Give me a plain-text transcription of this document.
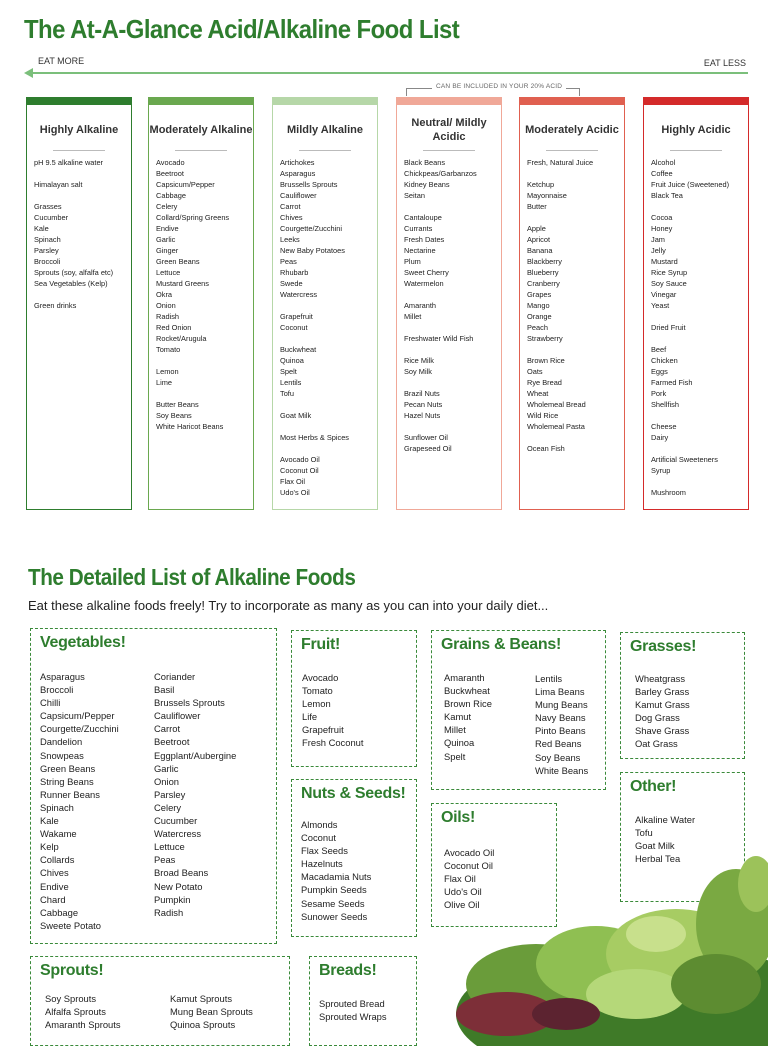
The At-A-Glance Acid/Alkaline Food List
EAT MORE	EAT LESS
CAN BE INCLUDED IN YOUR 20% ACID
Highly Alkaline
pH 9.5 alkaline water
Himalayan salt
Grasses
Cucumber
Kale
Spinach
Parsley
Broccoli
Sprouts (soy, alfalfa etc)
Sea Vegetables (Kelp)
Green drinks
Moderately Alkaline
Avocado
Beetroot
Capsicum/Pepper
Cabbage
Celery
Collard/Spring Greens
Endive
Garlic
Ginger
Green Beans
Lettuce
Mustard Greens
Okra
Onion
Radish
Red Onion
Rocket/Arugula
Tomato
Lemon
Lime
Butter Beans
Soy Beans
White Haricot Beans
Mildly Alkaline
Artichokes
Asparagus
Brussells Sprouts
Cauliflower
Carrot
Chives
Courgette/Zucchini
Leeks
New Baby Potatoes
Peas
Rhubarb
Swede
Watercress
Grapefruit
Coconut
Buckwheat
Quinoa
Spelt
Lentils
Tofu
Goat Milk
Most Herbs & Spices
Avocado Oil
Coconut Oil
Flax Oil
Udo's Oil
Neutral/ Mildly Acidic
Black Beans
Chickpeas/Garbanzos
Kidney Beans
Seitan
Cantaloupe
Currants
Fresh Dates
Nectarine
Plum
Sweet Cherry
Watermelon
Amaranth
Millet
Freshwater Wild Fish
Rice Milk
Soy Milk
Brazil Nuts
Pecan Nuts
Hazel Nuts
Sunflower Oil
Grapeseed Oil
Moderately Acidic
Fresh, Natural Juice
Ketchup
Mayonnaise
Butter
Apple
Apricot
Banana
Blackberry
Blueberry
Cranberry
Grapes
Mango
Orange
Peach
Strawberry
Brown Rice
Oats
Rye Bread
Wheat
Wholemeal Bread
Wild Rice
Wholemeal Pasta
Ocean Fish
Highly Acidic
Alcohol
Coffee
Fruit Juice (Sweetened)
Black Tea
Cocoa
Honey
Jam
Jelly
Mustard
Rice Syrup
Soy Sauce
Vinegar
Yeast
Dried Fruit
Beef
Chicken
Eggs
Farmed Fish
Pork
Shellfish
Cheese
Dairy
Artificial Sweeteners
Syrup
Mushroom
The Detailed List of Alkaline Foods
Eat these alkaline foods freely! Try to incorporate as many as you can into your daily diet...
Vegetables!
Asparagus
Broccoli
Chilli
Capsicum/Pepper
Courgette/Zucchini
Dandelion
Snowpeas
Green Beans
String Beans
Runner Beans
Spinach
Kale
Wakame
Kelp
Collards
Chives
Endive
Chard
Cabbage
Sweete Potato
Coriander
Basil
Brussels Sprouts
Cauliflower
Carrot
Beetroot
Eggplant/Aubergine
Garlic
Onion
Parsley
Celery
Cucumber
Watercress
Lettuce
Peas
Broad Beans
New Potato
Pumpkin
Radish
Fruit!
Avocado
Tomato
Lemon
Life
Grapefruit
Fresh Coconut
Grains & Beans!
Amaranth
Buckwheat
Brown Rice
Kamut
Millet
Quinoa
Spelt
Lentils
Lima Beans
Mung Beans
Navy Beans
Pinto Beans
Red Beans
Soy Beans
White Beans
Grasses!
Wheatgrass
Barley Grass
Kamut Grass
Dog Grass
Shave Grass
Oat Grass
Nuts & Seeds!
Almonds
Coconut
Flax Seeds
Hazelnuts
Macadamia Nuts
Pumpkin Seeds
Sesame Seeds
Sunower Seeds
Oils!
Avocado Oil
Coconut Oil
Flax Oil
Udo's Oil
Olive Oil
Other!
Alkaline Water
Tofu
Goat Milk
Herbal Tea
Sprouts!
Soy Sprouts
Alfalfa Sprouts
Amaranth Sprouts
Kamut Sprouts
Mung Bean Sprouts
Quinoa Sprouts
Breads!
Sprouted Bread
Sprouted Wraps
